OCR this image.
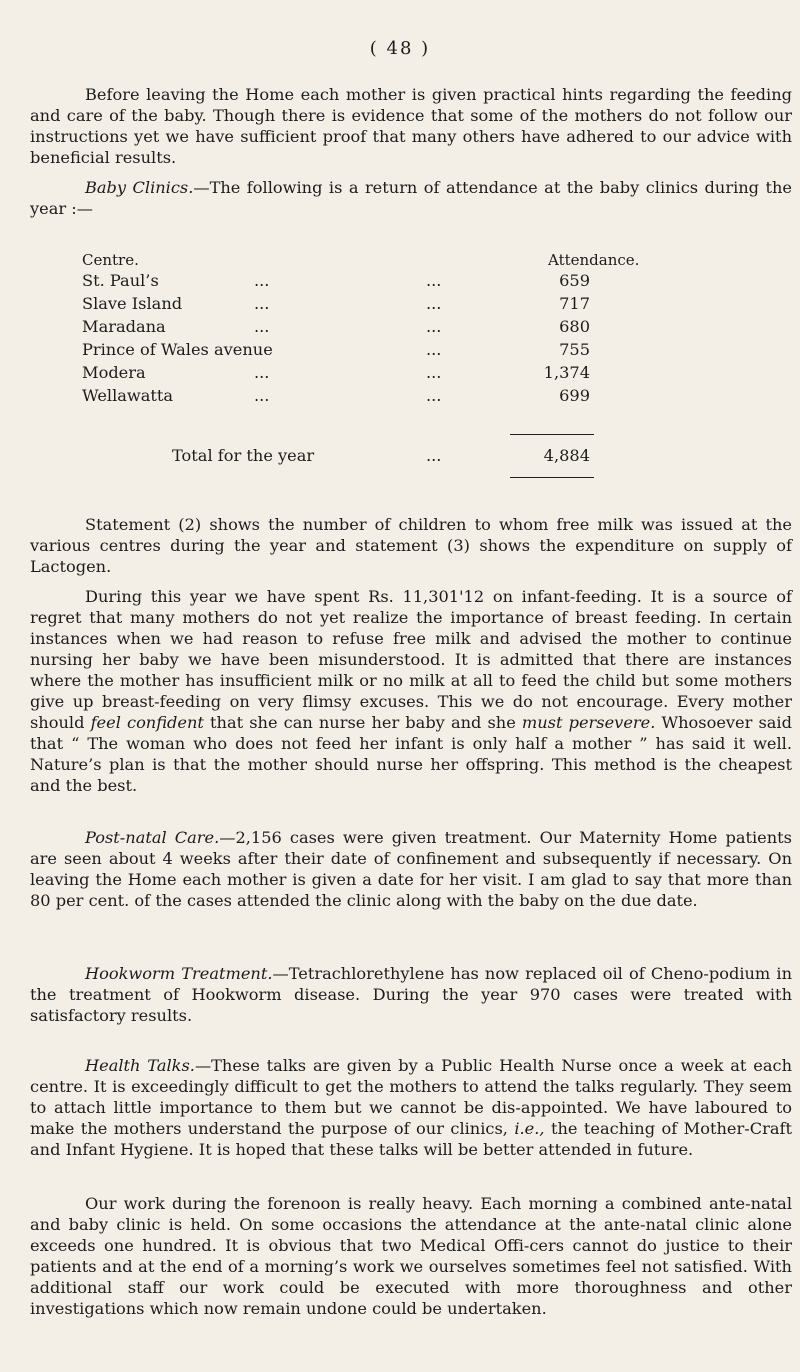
( 48 )

Before leaving the Home each mother is given practical hints regarding the feeding and care of the baby. Though there is evidence that some of the mothers do not follow our instructions yet we have sufficient proof that many others have adhered to our advice with beneficial results.

Baby Clinics.—The following is a return of attendance at the baby clinics during the year :—

Centre.	Attendance.
St. Paul’s	...	...	659
Slave Island	...	...	717
Maradana	...	...	680
Prince of Wales avenue	...	755
Modera	...	...	1,374
Wellawatta	...	...	699
Total for the year	...	4,884

Statement (2) shows the number of children to whom free milk was issued at the various centres during the year and statement (3) shows the expenditure on supply of Lactogen.

During this year we have spent Rs. 11,301'12 on infant-feeding. It is a source of regret that many mothers do not yet realize the importance of breast feeding. In certain instances when we had reason to refuse free milk and advised the mother to continue nursing her baby we have been misunderstood. It is admitted that there are instances where the mother has insufficient milk or no milk at all to feed the child but some mothers give up breast-feeding on very flimsy excuses. This we do not encourage. Every mother should feel confident that she can nurse her baby and she must persevere. Whosoever said that “ The woman who does not feed her infant is only half a mother ” has said it well. Nature’s plan is that the mother should nurse her offspring. This method is the cheapest and the best.

Post-natal Care.—2,156 cases were given treatment. Our Maternity Home patients are seen about 4 weeks after their date of confinement and subsequently if necessary. On leaving the Home each mother is given a date for her visit. I am glad to say that more than 80 per cent. of the cases attended the clinic along with the baby on the due date.

Hookworm Treatment.—Tetrachlorethylene has now replaced oil of Cheno-podium in the treatment of Hookworm disease. During the year 970 cases were treated with satisfactory results.

Health Talks.—These talks are given by a Public Health Nurse once a week at each centre. It is exceedingly difficult to get the mothers to attend the talks regularly. They seem to attach little importance to them but we cannot be dis-appointed. We have laboured to make the mothers understand the purpose of our clinics, i.e., the teaching of Mother-Craft and Infant Hygiene. It is hoped that these talks will be better attended in future.

Our work during the forenoon is really heavy. Each morning a combined ante-natal and baby clinic is held. On some occasions the attendance at the ante-natal clinic alone exceeds one hundred. It is obvious that two Medical Offi-cers cannot do justice to their patients and at the end of a morning’s work we ourselves sometimes feel not satisfied. With additional staff our work could be executed with more thoroughness and other investigations which now remain undone could be undertaken.
